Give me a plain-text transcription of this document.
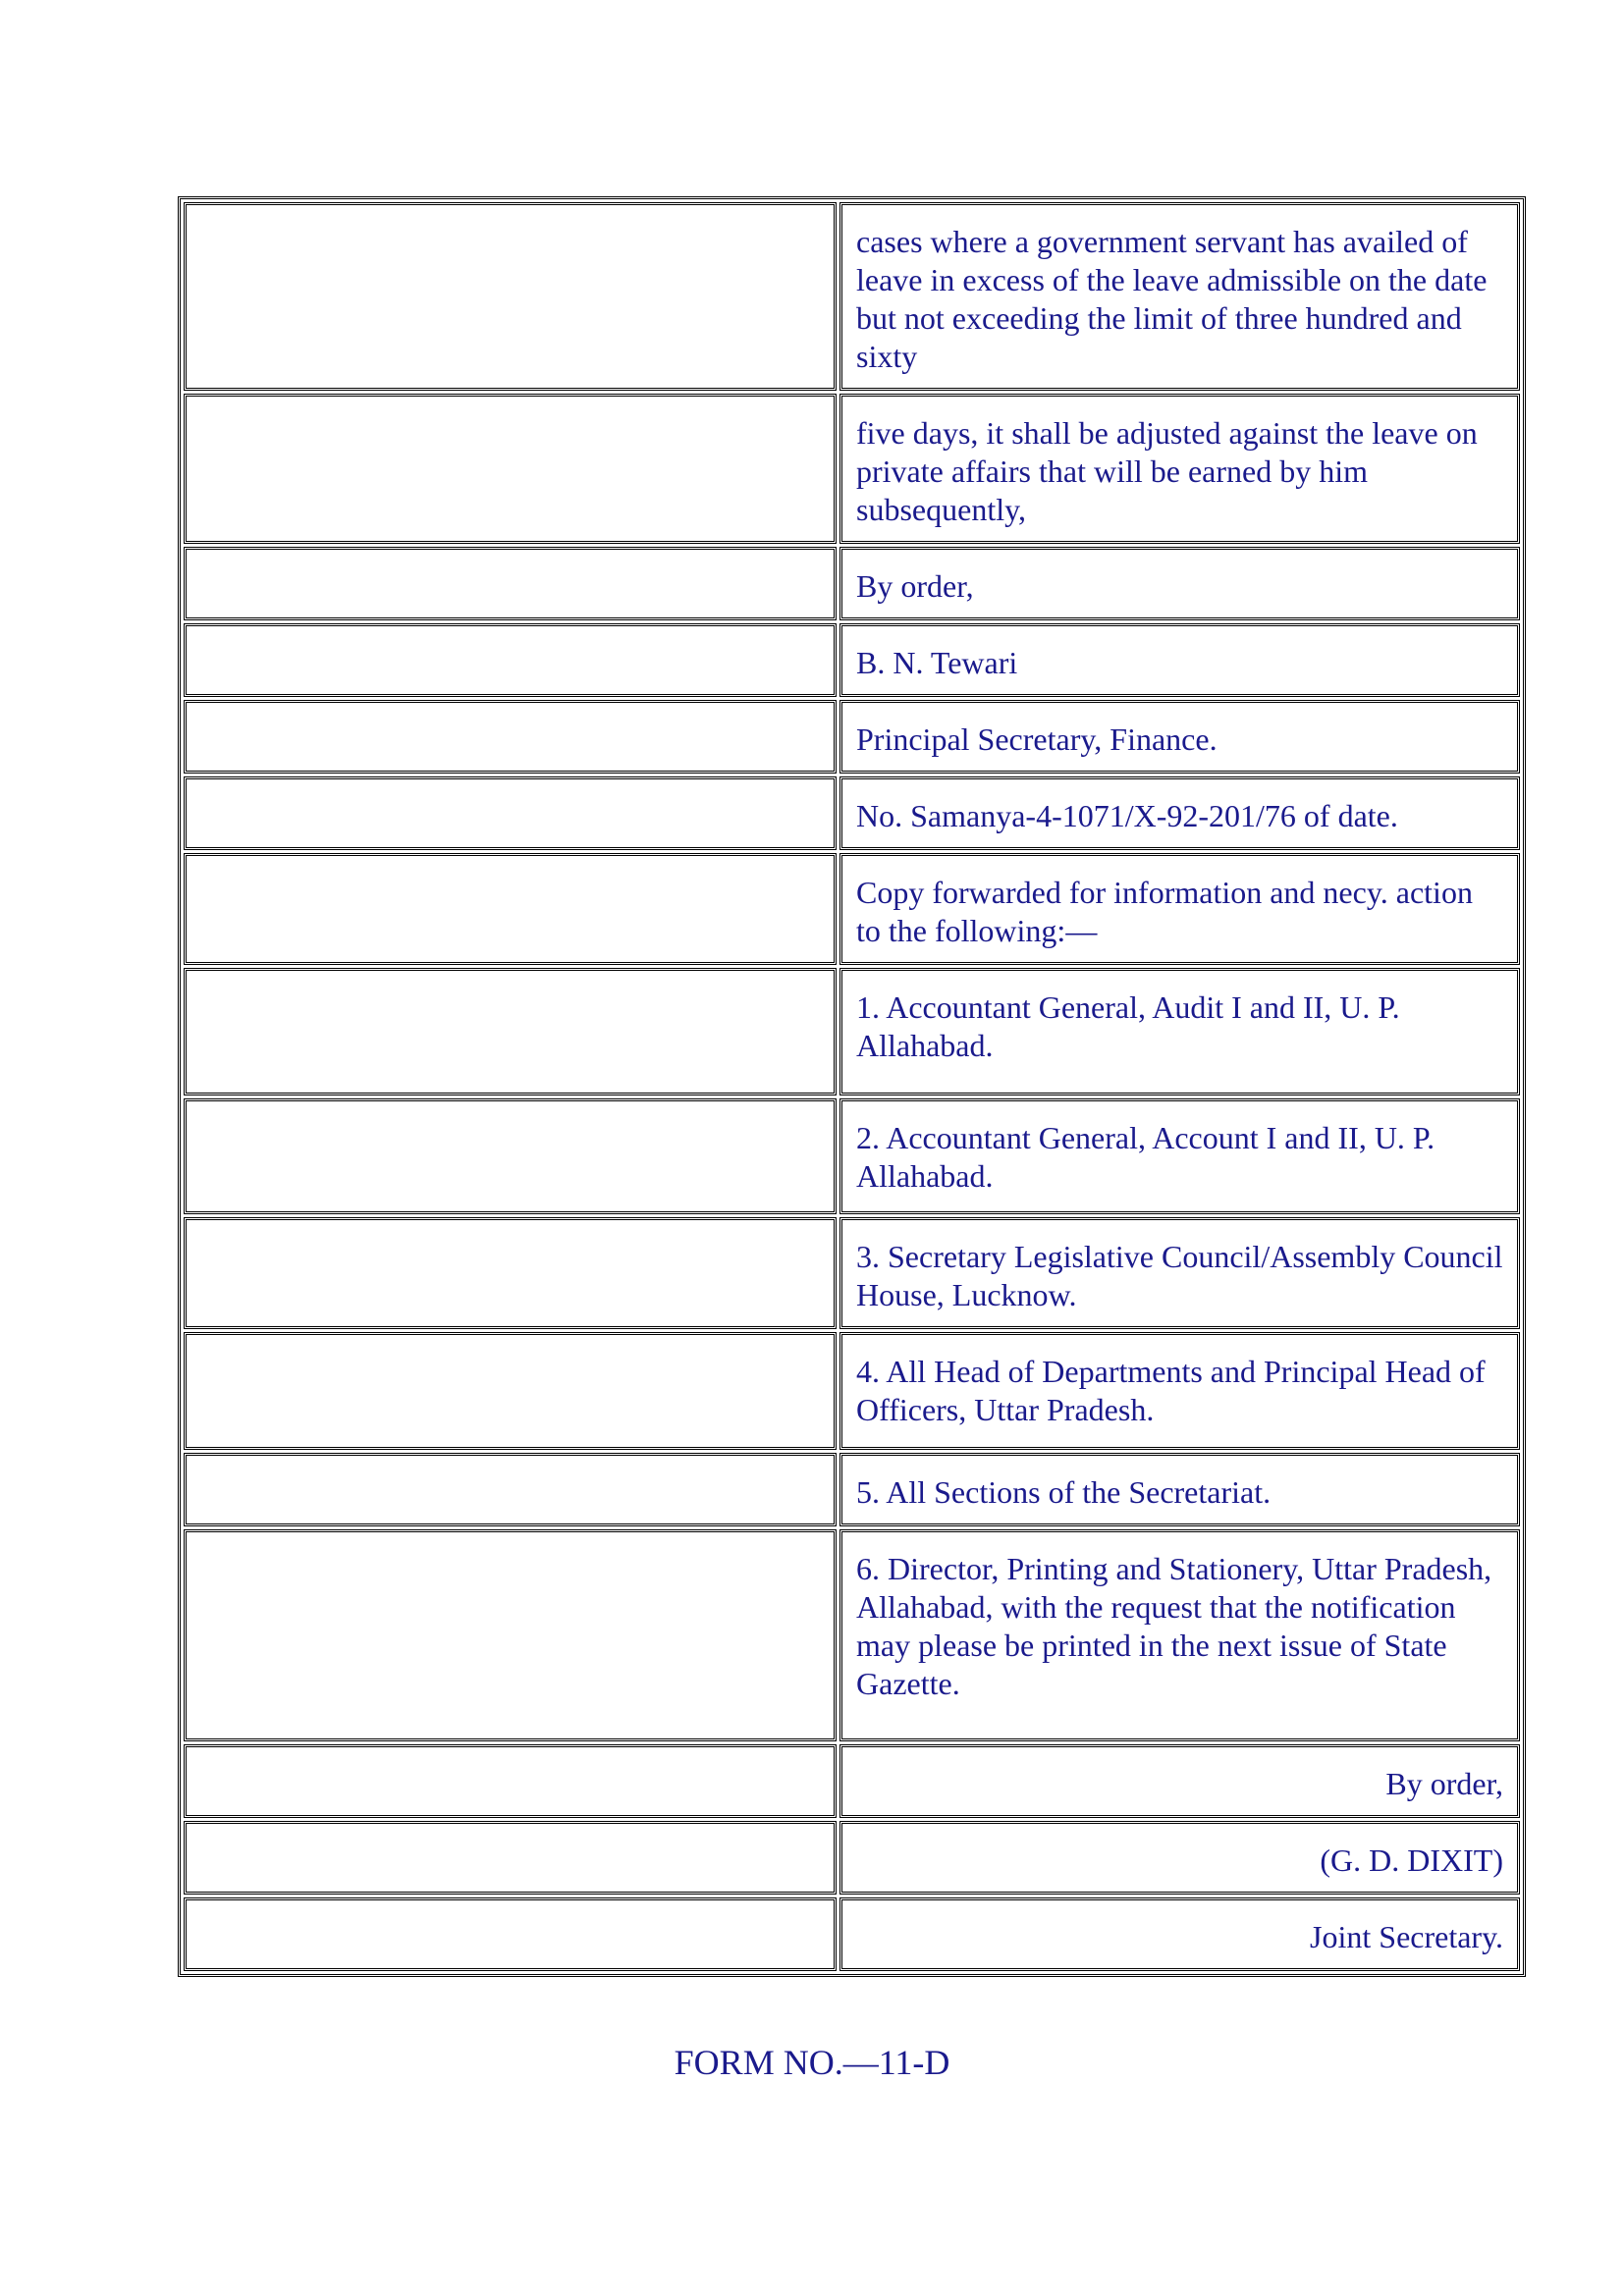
	cases where a government servant has availed of leave in excess of the leave admissible on the date but not exceeding the limit of three hundred and sixty
	five days, it shall be adjusted against the leave on private affairs that will be earned by him subsequently,
	By order,
	B. N. Tewari
	Principal Secretary, Finance.
	No. Samanya-4-1071/X-92-201/76 of date.
	Copy forwarded for information and necy. action to the following:—
	1. Accountant General, Audit I and II, U. P. Allahabad.
	2. Accountant General, Account I and II, U. P. Allahabad.
	3. Secretary Legislative Council/Assembly Council House, Lucknow.
	4. All Head of Departments and Principal Head of Officers, Uttar Pradesh.
	5. All Sections of the Secretariat.
	6. Director, Printing and Stationery, Uttar Pradesh, Allahabad, with the request that the notification may please be printed in the next issue of State Gazette.
	By order,
	(G. D. DIXIT)
	Joint Secretary.
FORM NO.—11-D
